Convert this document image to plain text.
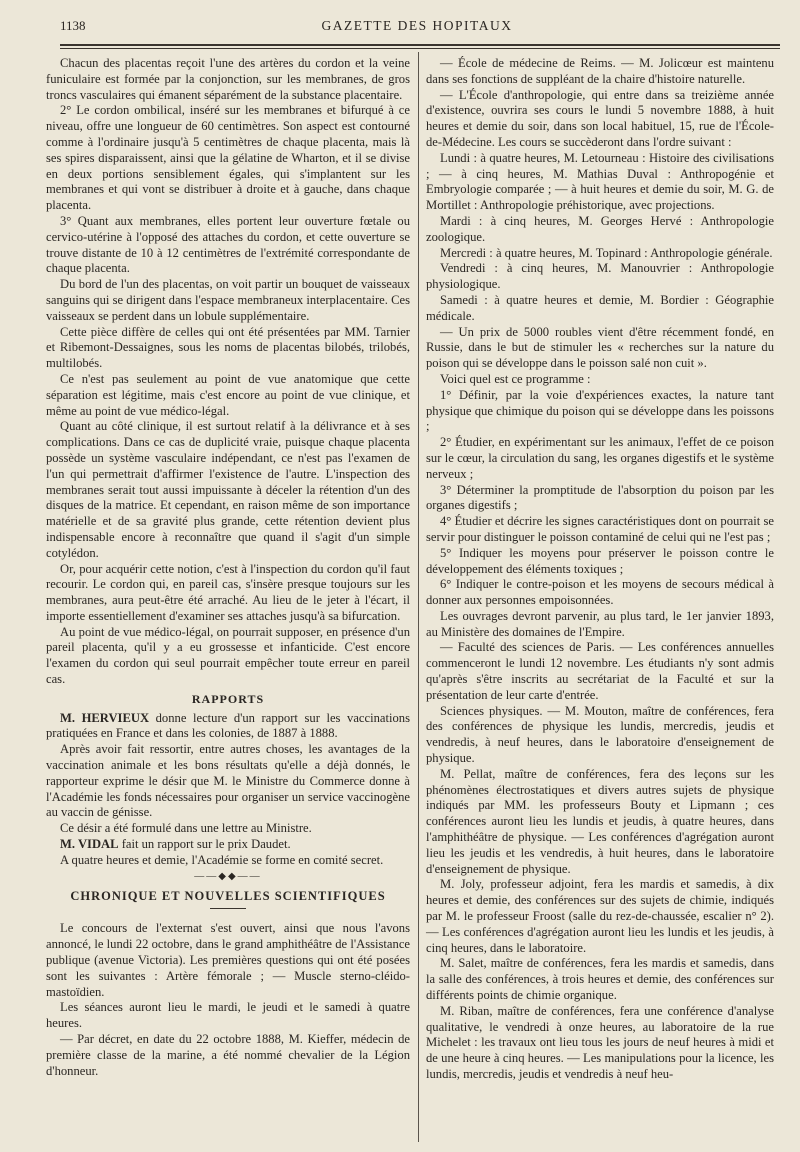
1138	GAZETTE DES HOPITAUX

Chacun des placentas reçoit l'une des artères du cordon et la veine funiculaire est formée par la conjonction, sur les membranes, de gros troncs vasculaires qui émanent séparément de la substance placentaire.

2° Le cordon ombilical, inséré sur les membranes et bifurqué à ce niveau, offre une longueur de 60 centimètres. Son aspect est contourné comme à l'ordinaire jusqu'à 5 centimètres de chaque placenta, mais là ses spires disparaissent, ainsi que la gélatine de Wharton, et il se divise en deux portions sensiblement égales, qui s'implantent sur les membranes et qui vont se distribuer à droite et à gauche, dans chaque placenta.

3° Quant aux membranes, elles portent leur ouverture fœtale ou cervico-utérine à l'opposé des attaches du cordon, et cette ouverture se trouve distante de 10 à 12 centimètres de l'extrémité correspondante de chaque placenta.

Du bord de l'un des placentas, on voit partir un bouquet de vaisseaux sanguins qui se dirigent dans l'espace membraneux interplacentaire. Ces vaisseaux se perdent dans un lobule supplémentaire.

Cette pièce diffère de celles qui ont été présentées par MM. Tarnier et Ribemont-Dessaignes, sous les noms de placentas bilobés, trilobés, multilobés.

Ce n'est pas seulement au point de vue anatomique que cette séparation est légitime, mais c'est encore au point de vue clinique, et même au point de vue médico-légal.

Quant au côté clinique, il est surtout relatif à la délivrance et à ses complications. Dans ce cas de duplicité vraie, puisque chaque placenta possède un système vasculaire indépendant, ce n'est pas l'examen de l'un qui permettrait d'affirmer l'existence de l'autre. L'inspection des membranes serait tout aussi impuissante à déceler la rétention d'un des disques de la matrice. Et cependant, en raison même de son importance matérielle et de sa gravité plus grande, cette rétention devient plus indispensable encore à reconnaître que quand il s'agit d'un simple cotylédon.

Or, pour acquérir cette notion, c'est à l'inspection du cordon qu'il faut recourir. Le cordon qui, en pareil cas, s'insère presque toujours sur les membranes, aura peut-être été arraché. Au lieu de le jeter à l'écart, il importe essentiellement d'examiner ses attaches jusqu'à sa bifurcation.

Au point de vue médico-légal, on pourrait supposer, en présence d'un pareil placenta, qu'il y a eu grossesse et infanticide. C'est encore l'examen du cordon qui seul pourrait empêcher toute erreur en pareil cas.

RAPPORTS

M. HERVIEUX donne lecture d'un rapport sur les vaccinations pratiquées en France et dans les colonies, de 1887 à 1888.

Après avoir fait ressortir, entre autres choses, les avantages de la vaccination animale et les bons résultats qu'elle a déjà donnés, le rapporteur exprime le désir que M. le Ministre du Commerce donne à l'Académie les fonds nécessaires pour organiser un service vaccinogène au vaccin de génisse.

Ce désir a été formulé dans une lettre au Ministre.

M. VIDAL fait un rapport sur le prix Daudet.

A quatre heures et demie, l'Académie se forme en comité secret.

——◆◆——
CHRONIQUE ET NOUVELLES SCIENTIFIQUES

Le concours de l'externat s'est ouvert, ainsi que nous l'avons annoncé, le lundi 22 octobre, dans le grand amphithéâtre de l'Assistance publique (avenue Victoria). Les premières questions qui ont été posées sont les suivantes : Artère fémorale ; — Muscle sterno-cléido-mastoïdien.

Les séances auront lieu le mardi, le jeudi et le samedi à quatre heures.

— Par décret, en date du 22 octobre 1888, M. Kieffer, médecin de première classe de la marine, a été nommé chevalier de la Légion d'honneur.

— École de médecine de Reims. — M. Jolicœur est maintenu dans ses fonctions de suppléant de la chaire d'histoire naturelle.

— L'École d'anthropologie, qui entre dans sa treizième année d'existence, ouvrira ses cours le lundi 5 novembre 1888, à huit heures et demie du soir, dans son local habituel, 15, rue de l'École-de-Médecine. Les cours se succèderont dans l'ordre suivant :

Lundi : à quatre heures, M. Letourneau : Histoire des civilisations ; — à cinq heures, M. Mathias Duval : Anthropogénie et Embryologie comparée ; — à huit heures et demie du soir, M. G. de Mortillet : Anthropologie préhistorique, avec projections.

Mardi : à cinq heures, M. Georges Hervé : Anthropologie zoologique.

Mercredi : à quatre heures, M. Topinard : Anthropologie générale.

Vendredi : à cinq heures, M. Manouvrier : Anthropologie physiologique.

Samedi : à quatre heures et demie, M. Bordier : Géographie médicale.

— Un prix de 5000 roubles vient d'être récemment fondé, en Russie, dans le but de stimuler les « recherches sur la nature du poison qui se développe dans le poisson salé non cuit ».

Voici quel est ce programme :

1° Définir, par la voie d'expériences exactes, la nature tant physique que chimique du poison qui se développe dans les poissons ;

2° Étudier, en expérimentant sur les animaux, l'effet de ce poison sur le cœur, la circulation du sang, les organes digestifs et le système nerveux ;

3° Déterminer la promptitude de l'absorption du poison par les organes digestifs ;

4° Étudier et décrire les signes caractéristiques dont on pourrait se servir pour distinguer le poisson contaminé de celui qui ne l'est pas ;

5° Indiquer les moyens pour préserver le poisson contre le développement des éléments toxiques ;

6° Indiquer le contre-poison et les moyens de secours médical à donner aux personnes empoisonnées.

Les ouvrages devront parvenir, au plus tard, le 1er janvier 1893, au Ministère des domaines de l'Empire.

— Faculté des sciences de Paris. — Les conférences annuelles commenceront le lundi 12 novembre. Les étudiants n'y sont admis qu'après s'être inscrits au secrétariat de la Faculté et sur la présentation de leur carte d'entrée.

Sciences physiques. — M. Mouton, maître de conférences, fera des conférences de physique les lundis, mercredis, jeudis et vendredis, à neuf heures, dans le laboratoire d'enseignement de physique.

M. Pellat, maître de conférences, fera des leçons sur les phénomènes électrostatiques et divers autres sujets de physique indiqués par MM. les professeurs Bouty et Lipmann ; ces conférences auront lieu les lundis et jeudis, à quatre heures, dans l'amphithéâtre de physique. — Les conférences d'agrégation auront lieu les jeudis et les vendredis, à huit heures, dans le laboratoire d'enseignement de physique.

M. Joly, professeur adjoint, fera les mardis et samedis, à dix heures et demie, des conférences sur des sujets de chimie, indiqués par M. le professeur Froost (salle du rez-de-chaussée, escalier n° 2). — Les conférences d'agrégation auront lieu les lundis et les jeudis, à cinq heures, dans le laboratoire.

M. Salet, maître de conférences, fera les mardis et samedis, dans la salle des conférences, à trois heures et demie, des conférences sur différents points de chimie organique.

M. Riban, maître de conférences, fera une conférence d'analyse qualitative, le vendredi à onze heures, au laboratoire de la rue Michelet : les travaux ont lieu tous les jours de neuf heures à midi et de une heure à cinq heures. — Les manipulations pour la licence, les lundis, mercredis, jeudis et vendredis à neuf heu-
